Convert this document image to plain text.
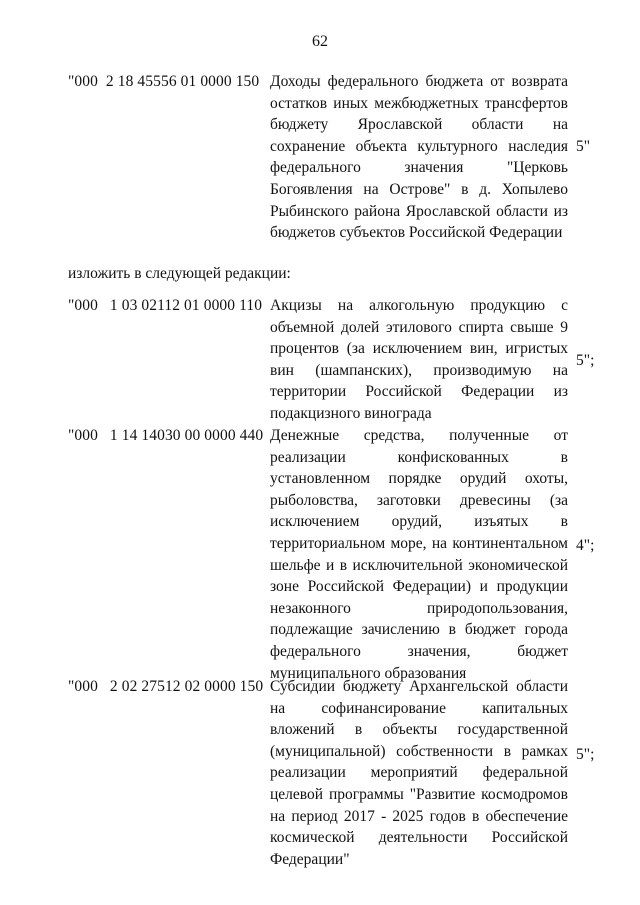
62
"000  2 18 45556 01 0000 150 Доходы федерального бюджета от возврата остатков иных межбюджетных трансфертов бюджету Ярославской области на сохранение объекта культурного наследия федерального значения "Церковь Богоявления на Острове" в д. Хопылево Рыбинского района Ярославской области из бюджетов субъектов Российской Федерации
5"
изложить в следующей редакции:
"000   1 03 02112 01 0000 110 Акцизы на алкогольную продукцию с объемной долей этилового спирта свыше 9 процентов (за исключением вин, игристых вин (шампанских), производимую на территории Российской Федерации из подакцизного винограда
5";
"000   1 14 14030 00 0000 440 Денежные средства, полученные от реализации конфискованных в установленном порядке орудий охоты, рыболовства, заготовки древесины (за исключением орудий, изъятых в территориальном море, на континентальном шельфе и в исключительной экономической зоне Российской Федерации) и продукции незаконного природопользования, подлежащие зачислению в бюджет города федерального значения, бюджет муниципального образования
4";
"000   2 02 27512 02 0000 150 Субсидии бюджету Архангельской области на софинансирование капитальных вложений в объекты государственной (муниципальной) собственности в рамках реализации мероприятий федеральной целевой программы "Развитие космодромов на период 2017 - 2025 годов в обеспечение космической деятельности Российской Федерации"
5";
